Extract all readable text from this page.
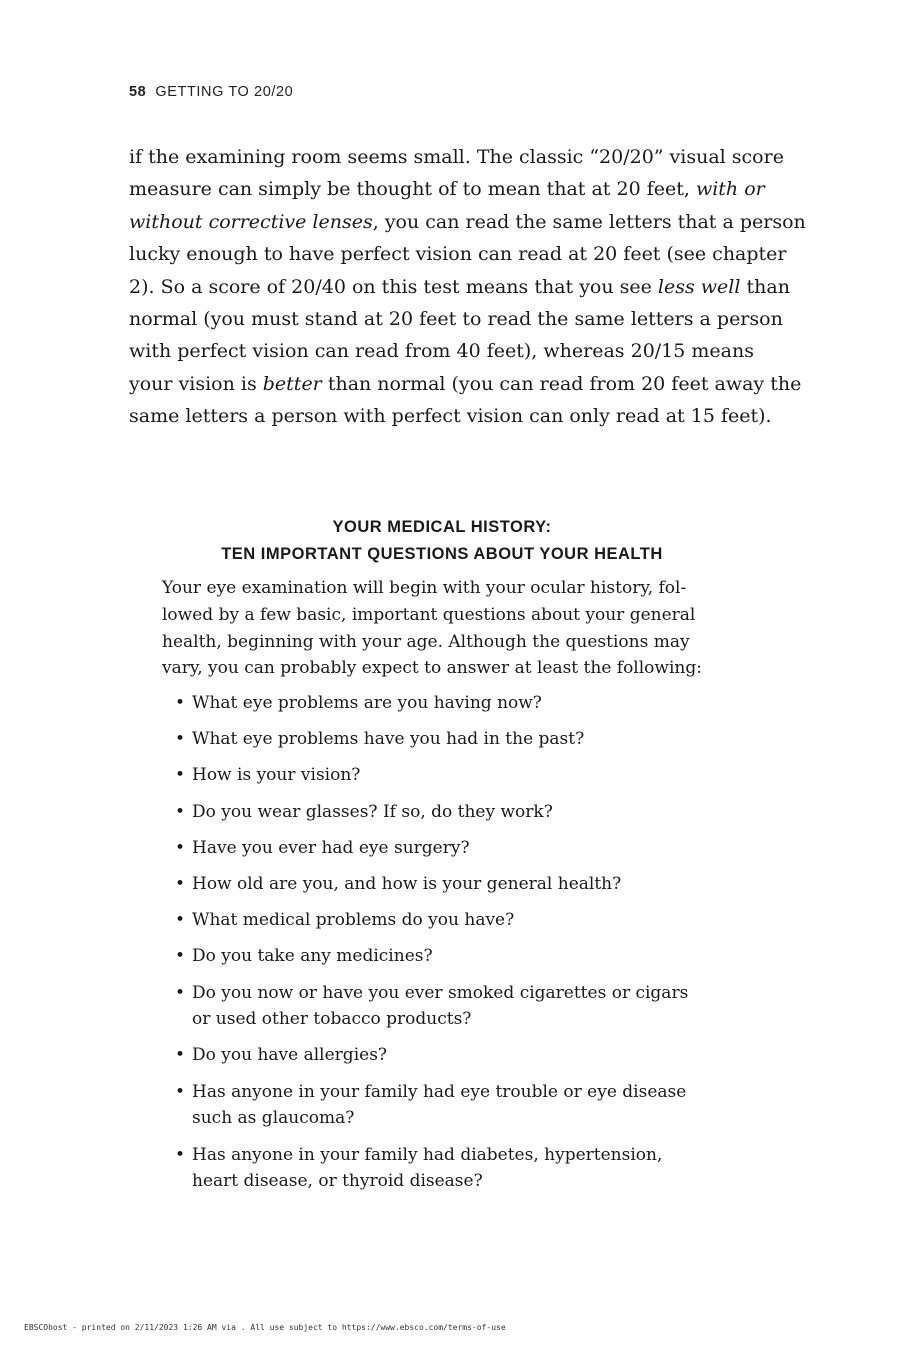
58 GETTING TO 20/20
if the examining room seems small. The classic “20/20” visual score
measure can simply be thought of to mean that at 20 feet, with or
without corrective lenses, you can read the same letters that a person
lucky enough to have perfect vision can read at 20 feet (see chapter
2). So a score of 20/40 on this test means that you see less well than
normal (you must stand at 20 feet to read the same letters a person
with perfect vision can read from 40 feet), whereas 20/15 means
your vision is better than normal (you can read from 20 feet away the
same letters a person with perfect vision can only read at 15 feet).
YOUR MEDICAL HISTORY:
TEN IMPORTANT QUESTIONS ABOUT YOUR HEALTH
Your eye examination will begin with your ocular history, fol-
lowed by a few basic, important questions about your general
health, beginning with your age. Although the questions may
vary, you can probably expect to answer at least the following:
• What eye problems are you having now?
• What eye problems have you had in the past?
• How is your vision?
• Do you wear glasses? If so, do they work?
• Have you ever had eye surgery?
• How old are you, and how is your general health?
• What medical problems do you have?
• Do you take any medicines?
• Do you now or have you ever smoked cigarettes or cigars
or used other tobacco products?
• Do you have allergies?
• Has anyone in your family had eye trouble or eye disease
such as glaucoma?
• Has anyone in your family had diabetes, hypertension,
heart disease, or thyroid disease?
EBSCOhost - printed on 2/11/2023 1:26 AM via . All use subject to https://www.ebsco.com/terms-of-use
